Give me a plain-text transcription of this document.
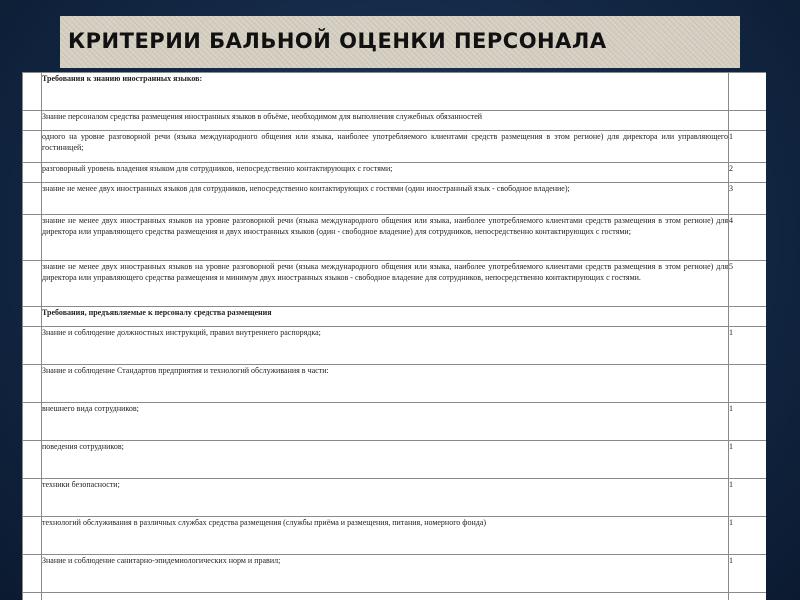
КРИТЕРИИ БАЛЬНОЙ ОЦЕНКИ ПЕРСОНАЛА
	Требования к знанию иностранных языков:	
	Знание персоналом средства размещения иностранных языков в объёме, необходимом для выполнения служебных обязанностей	
	одного на уровне разговорной речи (языка международного общения или языка, наиболее употребляемого клиентами средств размещения в этом регионе) для директора или управляющего гостиницей;	1
	разговорный уровень владения языком для сотрудников, непосредственно контактирующих с гостями;	2
	знание не менее двух иностранных языков для сотрудников, непосредственно контактирующих с гостями (один иностранный язык - свободное владение);	3
	знание не менее двух иностранных языков на уровне разговорной речи (языка международного общения или языка, наиболее употребляемого клиентами средств размещения в этом регионе) для директора или управляющего средства размещения и двух иностранных языков (один - свободное владение) для сотрудников, непосредственно контактирующих с гостями;	4
	знание не менее двух иностранных языков на уровне разговорной речи (языка международного общения или языка, наиболее употребляемого клиентами средств размещения в этом регионе) для директора или управляющего средства размещения и минимум двух иностранных языков - свободное владение для сотрудников, непосредственно контактирующих с гостями.	5
	Требования, предъявляемые к персоналу средства размещения	
	Знание и соблюдение должностных инструкций, правил внутреннего распорядка;	1
	Знание и соблюдение Стандартов предприятия и технологий обслуживания в части:	
	внешнего вида сотрудников;	1
	поведения сотрудников;	1
	техники безопасности;	1
	технологий обслуживания в различных службах средства размещения (службы приёма и размещения, питания, номерного фонда)	1
	Знание и соблюдение санитарно-эпидемиологических норм и правил;	1
